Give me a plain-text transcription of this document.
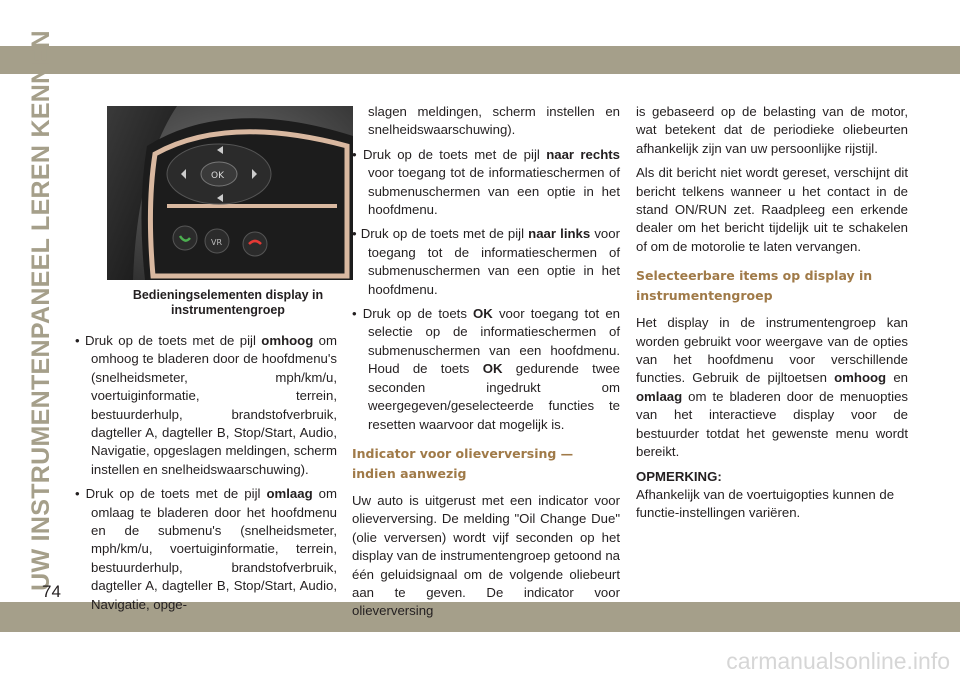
UW INSTRUMENTENPANEEL LEREN KENNEN
74
OK
VR
Bedieningselementen display in instrumentengroep

• Druk op de toets met de pijl omhoog om omhoog te bladeren door de hoofdmenu's (snelheidsmeter, mph/km/u, voertuiginformatie, terrein, bestuurderhulp, brandstofverbruik, dagteller A, dagteller B, Stop/Start, Audio, Navigatie, opgeslagen meldingen, scherm instellen en snelheidswaarschuwing).

• Druk op de toets met de pijl omlaag om omlaag te bladeren door het hoofdmenu en de submenu's (snelheidsmeter, mph/km/u, voertuiginformatie, terrein, bestuurderhulp, brandstofverbruik, dagteller A, dagteller B, Stop/Start, Audio, Navigatie, opge-

slagen meldingen, scherm instellen en snelheidswaarschuwing).

• Druk op de toets met de pijl naar rechts voor toegang tot de informatieschermen of submenuschermen van een optie in het hoofdmenu.

• Druk op de toets met de pijl naar links voor toegang tot de informatieschermen of submenuschermen van een optie in het hoofdmenu.

• Druk op de toets OK voor toegang tot en selectie op de informatieschermen of submenuschermen van een hoofdmenu. Houd de toets OK gedurende twee seconden ingedrukt om weergegeven/geselecteerde functies te resetten waarvoor dat mogelijk is.

Indicator voor olieverversing — indien aanwezig

Uw auto is uitgerust met een indicator voor olieverversing. De melding "Oil Change Due" (olie verversen) wordt vijf seconden op het display van de instrumentengroep getoond na één geluidsignaal om de volgende oliebeurt aan te geven. De indicator voor olieverversing

is gebaseerd op de belasting van de motor, wat betekent dat de periodieke oliebeurten afhankelijk zijn van uw persoonlijke rijstijl.

Als dit bericht niet wordt gereset, verschijnt dit bericht telkens wanneer u het contact in de stand ON/RUN zet. Raadpleeg een erkende dealer om het bericht tijdelijk uit te schakelen of om de motorolie te laten vervangen.

Selecteerbare items op display in instrumentengroep

Het display in de instrumentengroep kan worden gebruikt voor weergave van de opties van het hoofdmenu voor verschillende functies. Gebruik de pijltoetsen omhoog en omlaag om te bladeren door de menuopties van het interactieve display voor de bestuurder totdat het gewenste menu wordt bereikt.

OPMERKING:
Afhankelijk van de voertuigopties kunnen de functie-instellingen variëren.

carmanualsonline.info
